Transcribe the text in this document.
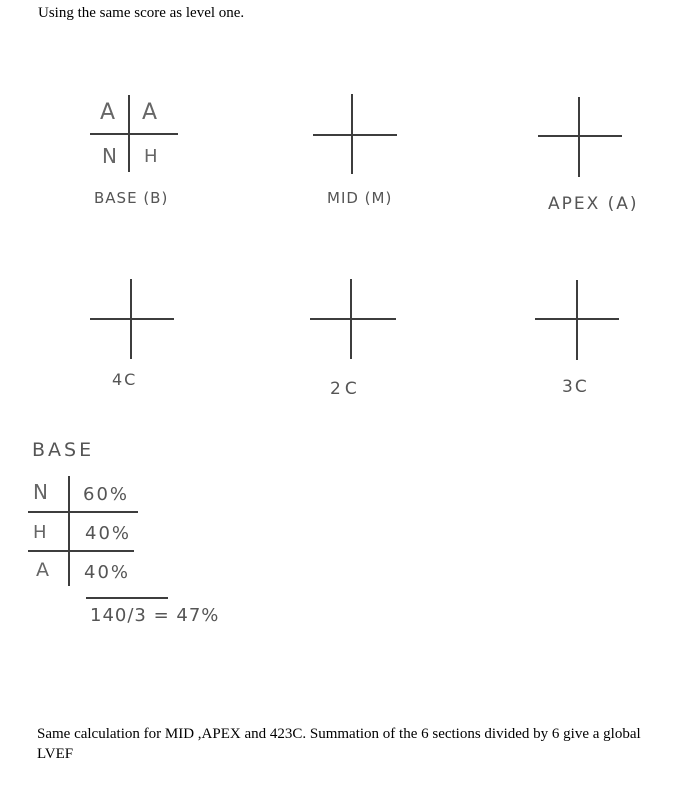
Using the same score as level one.
A A
N H
BASE (B)	MID (M)	APEX (A)
4C	2C	3C
BASE
N 60%
H 40%
A 40%
140/3 = 47%
Same calculation for MID ,APEX and 423C. Summation of the 6 sections divided by 6 give a global LVEF
